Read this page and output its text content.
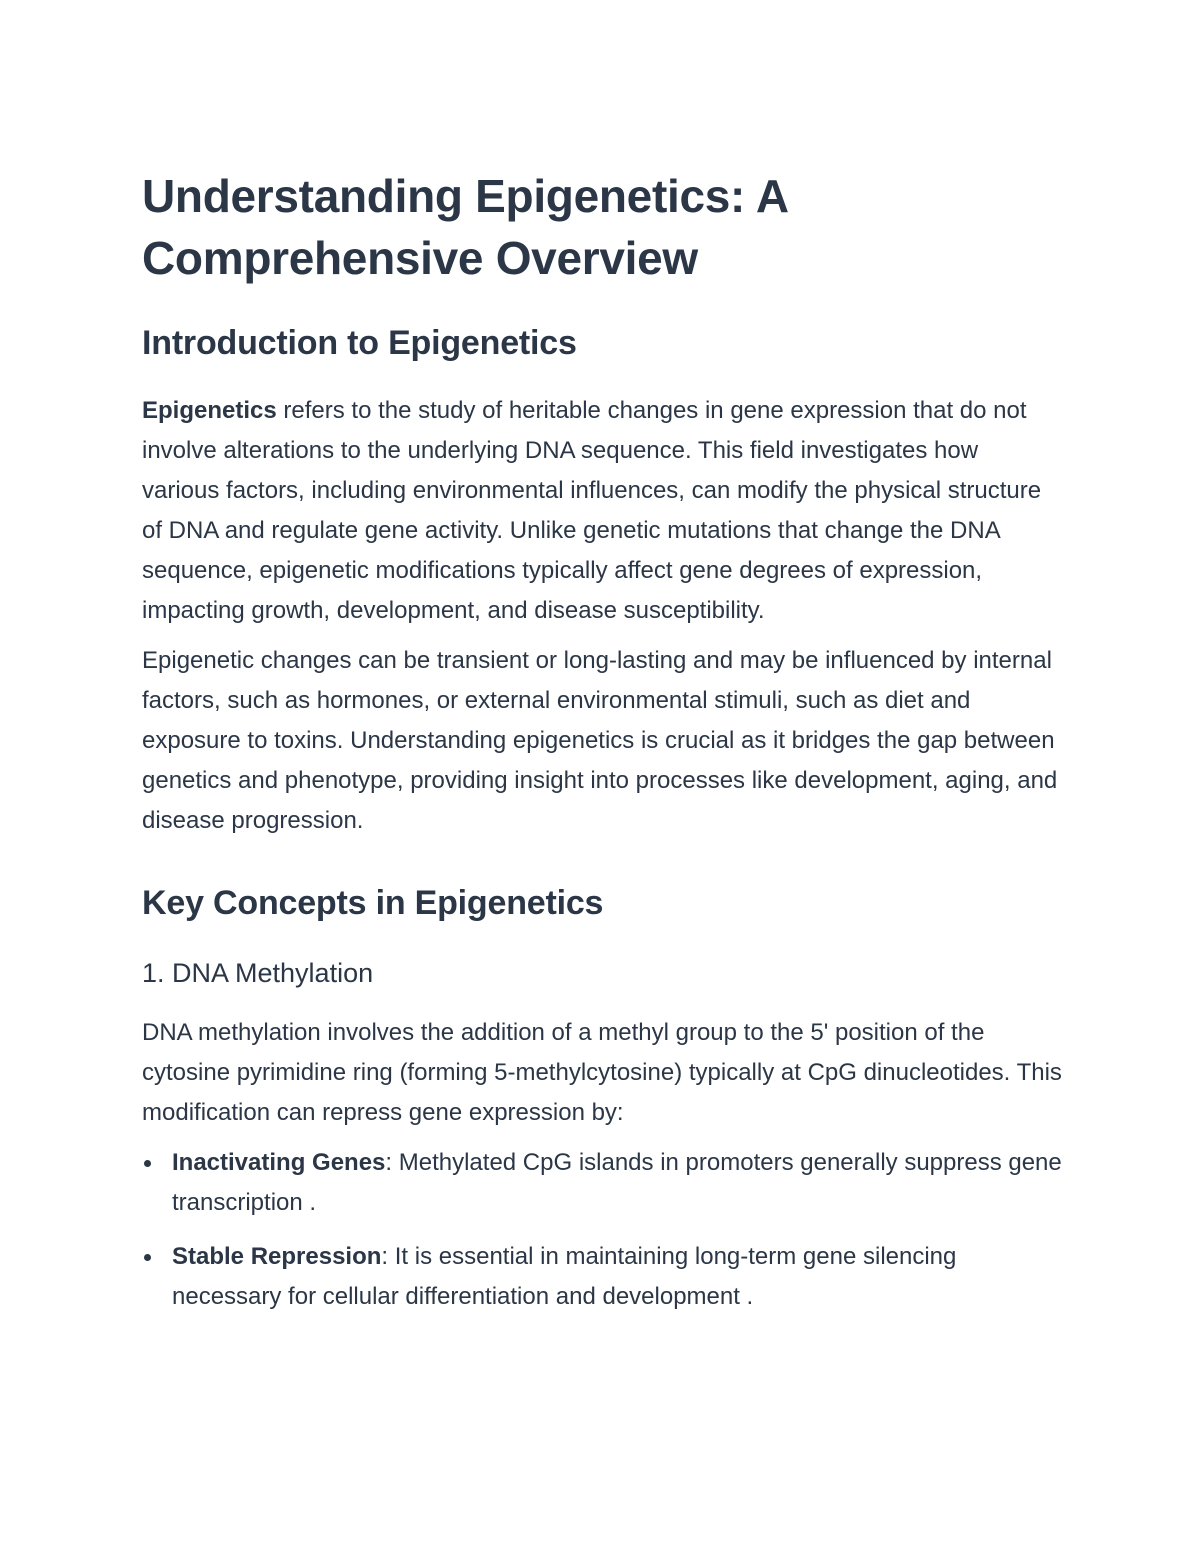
Understanding Epigenetics: A Comprehensive Overview
Introduction to Epigenetics

Epigenetics refers to the study of heritable changes in gene expression that do not involve alterations to the underlying DNA sequence. This field investigates how various factors, including environmental influences, can modify the physical structure of DNA and regulate gene activity. Unlike genetic mutations that change the DNA sequence, epigenetic modifications typically affect gene degrees of expression, impacting growth, development, and disease susceptibility.

Epigenetic changes can be transient or long-lasting and may be influenced by internal factors, such as hormones, or external environmental stimuli, such as diet and exposure to toxins. Understanding epigenetics is crucial as it bridges the gap between genetics and phenotype, providing insight into processes like development, aging, and disease progression.

Key Concepts in Epigenetics
1. DNA Methylation

DNA methylation involves the addition of a methyl group to the 5' position of the cytosine pyrimidine ring (forming 5-methylcytosine) typically at CpG dinucleotides. This modification can repress gene expression by:

Inactivating Genes: Methylated CpG islands in promoters generally suppress gene transcription .
Stable Repression: It is essential in maintaining long-term gene silencing necessary for cellular differentiation and development .
